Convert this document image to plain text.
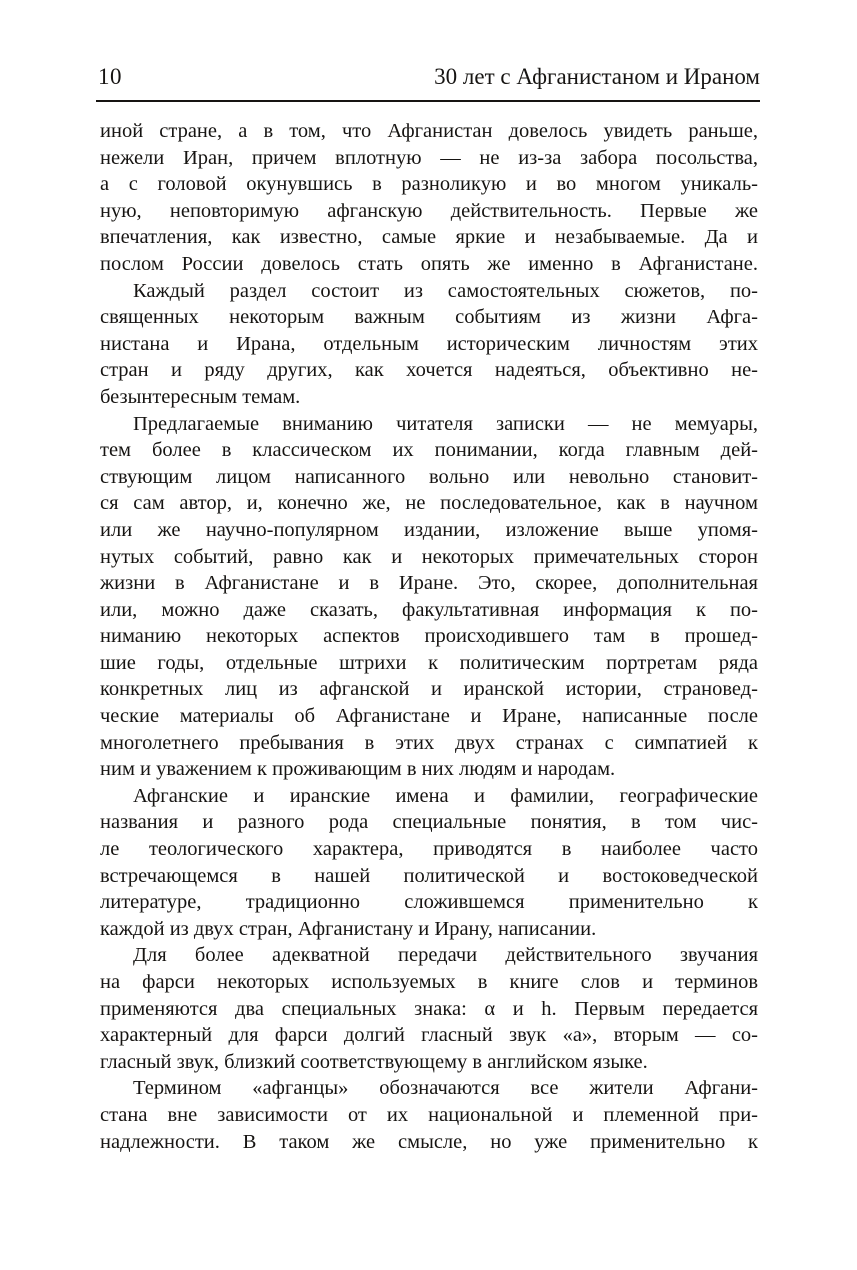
10	30 лет с Афганистаном и Ираном
иной стране, а в том, что Афганистан довелось увидеть раньше,
нежели Иран, причем вплотную — не из-за забора посольства,
а с головой окунувшись в разноликую и во многом уникаль-
ную, неповторимую афганскую действительность. Первые же
впечатления, как известно, самые яркие и незабываемые. Да и
послом России довелось стать опять же именно в Афганистане.
Каждый раздел состоит из самостоятельных сюжетов, по-
священных некоторым важным событиям из жизни Афга-
нистана и Ирана, отдельным историческим личностям этих
стран и ряду других, как хочется надеяться, объективно не-
безынтересным темам.
Предлагаемые вниманию читателя записки — не мемуары,
тем более в классическом их понимании, когда главным дей-
ствующим лицом написанного вольно или невольно становит-
ся сам автор, и, конечно же, не последовательное, как в научном
или же научно-популярном издании, изложение выше упомя-
нутых событий, равно как и некоторых примечательных сторон
жизни в Афганистане и в Иране. Это, скорее, дополнительная
или, можно даже сказать, факультативная информация к по-
ниманию некоторых аспектов происходившего там в прошед-
шие годы, отдельные штрихи к политическим портретам ряда
конкретных лиц из афганской и иранской истории, страновед-
ческие материалы об Афганистане и Иране, написанные после
многолетнего пребывания в этих двух странах с симпатией к
ним и уважением к проживающим в них людям и народам.
Афганские и иранские имена и фамилии, географические
названия и разного рода специальные понятия, в том чис-
ле теологического характера, приводятся в наиболее часто
встречающемся в нашей политической и востоковедческой
литературе, традиционно сложившемся применительно к
каждой из двух стран, Афганистану и Ирану, написании.
Для более адекватной передачи действительного звучания
на фарси некоторых используемых в книге слов и терминов
применяются два специальных знака: α и h. Первым передается
характерный для фарси долгий гласный звук «а», вторым — со-
гласный звук, близкий соответствующему в английском языке.
Термином «афганцы» обозначаются все жители Афгани-
стана вне зависимости от их национальной и племенной при-
надлежности. В таком же смысле, но уже применительно к
